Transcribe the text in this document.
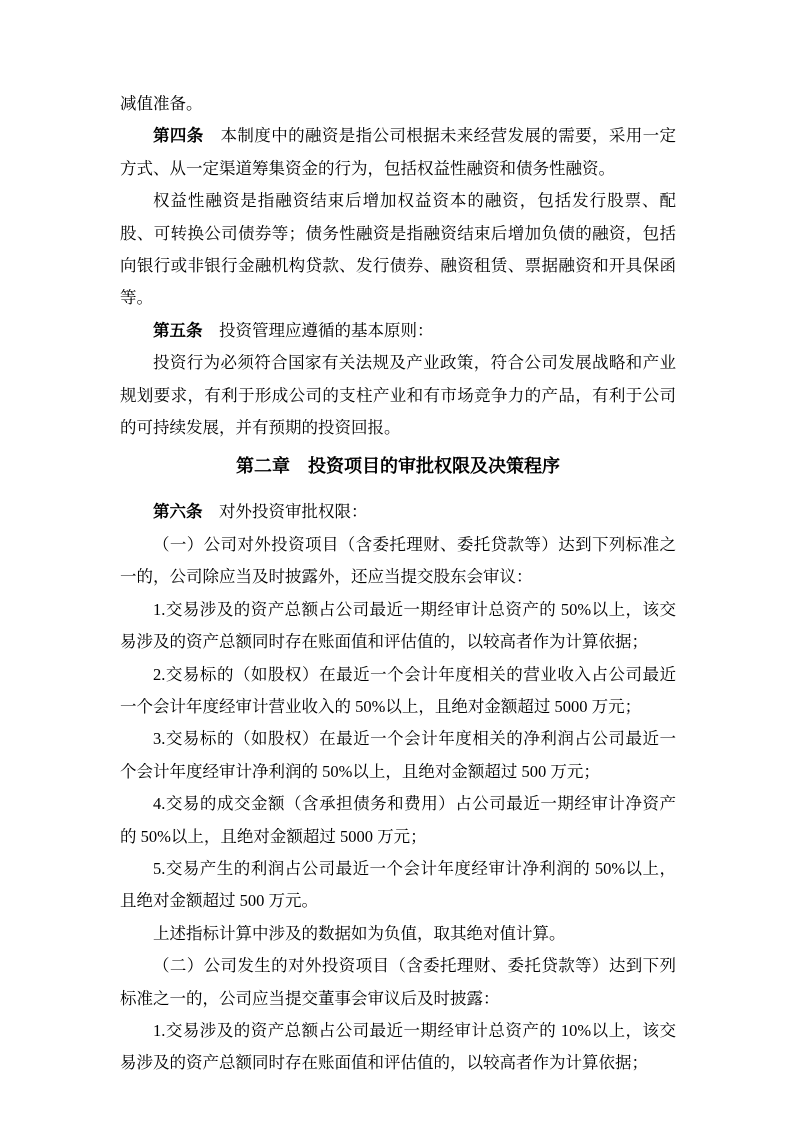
减值准备。

第四条　本制度中的融资是指公司根据未来经营发展的需要，采用一定方式、从一定渠道筹集资金的行为，包括权益性融资和债务性融资。

权益性融资是指融资结束后增加权益资本的融资，包括发行股票、配股、可转换公司债券等；债务性融资是指融资结束后增加负债的融资，包括向银行或非银行金融机构贷款、发行债券、融资租赁、票据融资和开具保函等。

第五条　投资管理应遵循的基本原则：

投资行为必须符合国家有关法规及产业政策，符合公司发展战略和产业规划要求，有利于形成公司的支柱产业和有市场竞争力的产品，有利于公司的可持续发展，并有预期的投资回报。

第二章　投资项目的审批权限及决策程序

第六条　对外投资审批权限：

（一）公司对外投资项目（含委托理财、委托贷款等）达到下列标准之一的，公司除应当及时披露外，还应当提交股东会审议：

1.交易涉及的资产总额占公司最近一期经审计总资产的 50%以上，该交易涉及的资产总额同时存在账面值和评估值的，以较高者作为计算依据；

2.交易标的（如股权）在最近一个会计年度相关的营业收入占公司最近一个会计年度经审计营业收入的 50%以上，且绝对金额超过 5000 万元；

3.交易标的（如股权）在最近一个会计年度相关的净利润占公司最近一个会计年度经审计净利润的 50%以上，且绝对金额超过 500 万元；

4.交易的成交金额（含承担债务和费用）占公司最近一期经审计净资产的 50%以上，且绝对金额超过 5000 万元；

5.交易产生的利润占公司最近一个会计年度经审计净利润的 50%以上，且绝对金额超过 500 万元。

上述指标计算中涉及的数据如为负值，取其绝对值计算。

（二）公司发生的对外投资项目（含委托理财、委托贷款等）达到下列标准之一的，公司应当提交董事会审议后及时披露：

1.交易涉及的资产总额占公司最近一期经审计总资产的 10%以上，该交易涉及的资产总额同时存在账面值和评估值的，以较高者作为计算依据；
